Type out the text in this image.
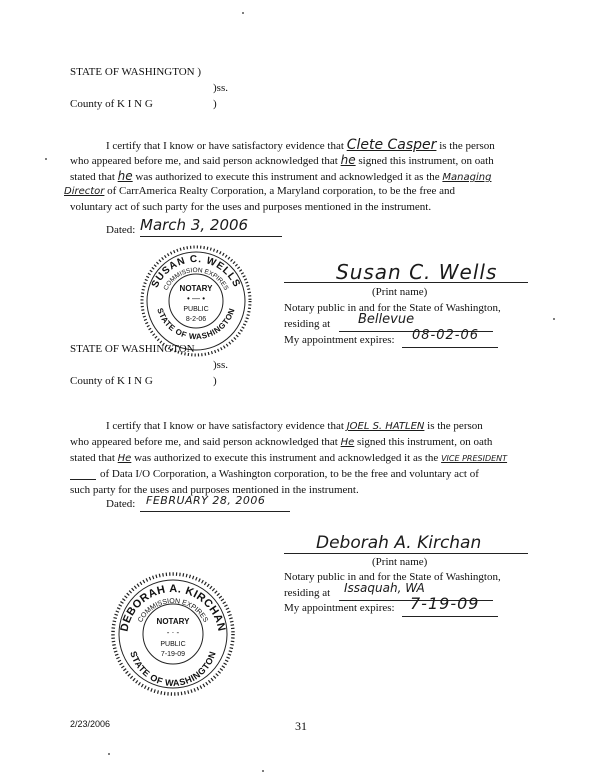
STATE OF WASHINGTON )
)ss.
County of K I N G	)
I certify that I know or have satisfactory evidence that Clete Casper is the person
who appeared before me, and said person acknowledged that he signed this instrument, on oath
stated that he was authorized to execute this instrument and acknowledged it as the Managing
Director of CarrAmerica Realty Corporation, a Maryland corporation, to be the free and
voluntary act of such party for the uses and purposes mentioned in the instrument.
Dated: March 3, 2006
SUSAN C. WELLS
COMMISSION EXPIRES
STATE OF WASHINGTON
NOTARY
• — •
PUBLIC
8-2-06
Susan C. Wells
(Print name)
Notary public in and for the State of Washington,
residing at Bellevue
My appointment expires: 08-02-06
STATE OF WASHINGTON
)ss.
County of K I N G	)
I certify that I know or have satisfactory evidence that JOEL S. HATLEN is the person
who appeared before me, and said person acknowledged that He signed this instrument, on oath
stated that He was authorized to execute this instrument and acknowledged it as the VICE PRESIDENT
of Data I/O Corporation, a Washington corporation, to be the free and voluntary act of
such party for the uses and purposes mentioned in the instrument.
Dated: FEBRUARY 28, 2006
Deborah A. Kirchan
(Print name)
Notary public in and for the State of Washington,
residing at Issaquah, WA
My appointment expires: 7-19-09
DEBORAH A. KIRCHAN
COMMISSION EXPIRES
STATE OF WASHINGTON
NOTARY
- · -
PUBLIC
7-19-09
2/23/2006	31
